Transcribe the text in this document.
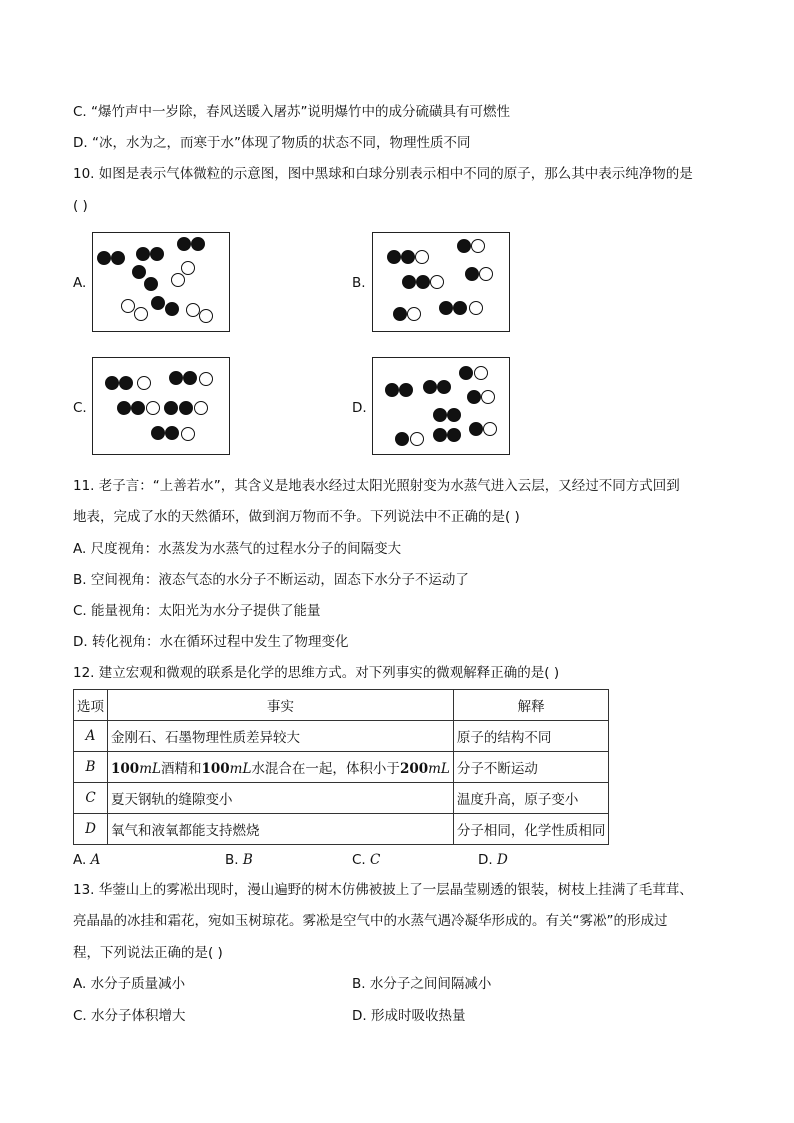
C. “爆竹声中一岁除，春风送暖入屠苏”说明爆竹中的成分硫磺具有可燃性
D. “冰，水为之，而寒于水”体现了物质的状态不同，物理性质不同
10. 如图是表示气体微粒的示意图，图中黑球和白球分别表示相中不同的原子，那么其中表示纯净物的是
( )
A.	B.
C.	D.
11. 老子言：“上善若水”，其含义是地表水经过太阳光照射变为水蒸气进入云层，又经过不同方式回到
地表，完成了水的天然循环，做到润万物而不争。下列说法中不正确的是( )
A. 尺度视角：水蒸发为水蒸气的过程水分子的间隔变大
B. 空间视角：液态气态的水分子不断运动，固态下水分子不运动了
C. 能量视角：太阳光为水分子提供了能量
D. 转化视角：水在循环过程中发生了物理变化
12. 建立宏观和微观的联系是化学的思维方式。对下列事实的微观解释正确的是( )
选项	事实	解释
A	金刚石、石墨物理性质差异较大	原子的结构不同
B	100mL酒精和100mL水混合在一起，体积小于200mL	分子不断运动
C	夏天钢轨的缝隙变小	温度升高，原子变小
D	氧气和液氧都能支持燃烧	分子相同，化学性质相同
A. A	B. B	C. C	D. D
13. 华蓥山上的雾凇出现时，漫山遍野的树木仿佛被披上了一层晶莹剔透的银装，树枝上挂满了毛茸茸、
亮晶晶的冰挂和霜花，宛如玉树琼花。雾凇是空气中的水蒸气遇冷凝华形成的。有关“雾凇”的形成过
程，下列说法正确的是( )
A. 水分子质量减小	B. 水分子之间间隔减小
C. 水分子体积增大	D. 形成时吸收热量
